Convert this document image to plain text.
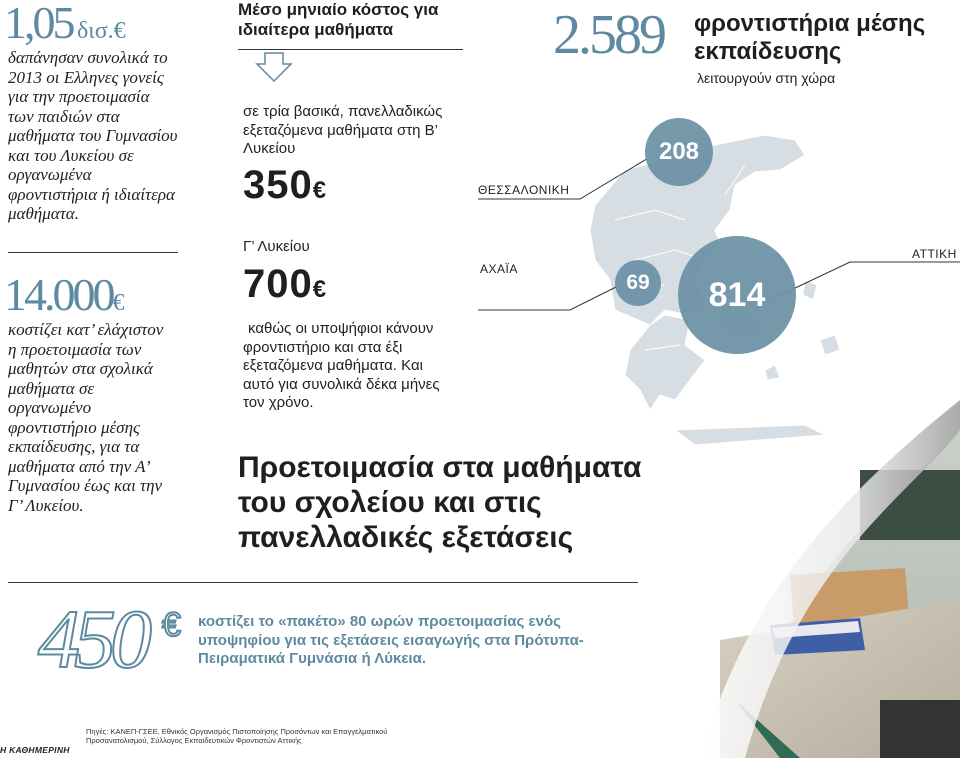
1,05 δισ.€
δαπάνησαν συνολικά το 2013 οι Ελληνες γονείς για την προετοιμασία των παιδιών στα μαθήματα του Γυμνασίου και του Λυκείου σε οργανωμένα φροντιστήρια ή ιδιαίτερα μαθήματα.
14.000€
κοστίζει κατ’ ελάχιστον η προετοιμασία των μαθητών στα σχολικά μαθήματα σε οργανωμένο φροντιστήριο μέσης εκπαίδευσης, για τα μαθήματα από την Α’ Γυμνασίου έως και την Γ’ Λυκείου.
Μέσο μηνιαίο κόστος για ιδιαίτερα μαθήματα
σε τρία βασικά, πανελλαδικώς εξεταζόμενα μαθήματα στη Β’ Λυκείου
350€
Γ’ Λυκείου
700€
καθώς οι υποψήφιοι κάνουν φροντιστήριο και στα έξι εξεταζόμενα μαθήματα. Και αυτό για συνολικά δέκα μήνες τον χρόνο.
Προετοιμασία στα μαθήματα του σχολείου και στις πανελλαδικές εξετάσεις
2.589 φροντιστήρια μέσης εκπαίδευσης
λειτουργούν στη χώρα
ΘΕΣΣΑΛΟΝΙΚΗ
208
ΑΧΑΪΑ
69
ΑΤΤΙΚΗ
814
450 € κοστίζει το «πακέτο» 80 ωρών προετοιμασίας ενός υποψηφίου για τις εξετάσεις εισαγωγής στα Πρότυπα-Πειραματικά Γυμνάσια ή Λύκεια.
Πηγές: ΚΑΝΕΠ-ΓΣΕΕ, Εθνικός Οργανισμός Πιστοποίησης Προσόντων και Επαγγελματικού Προσανατολισμού, Σύλλογος Εκπαιδευτικών Φροντιστών Αττικής
Η ΚΑΘΗΜΕΡΙΝΗ
